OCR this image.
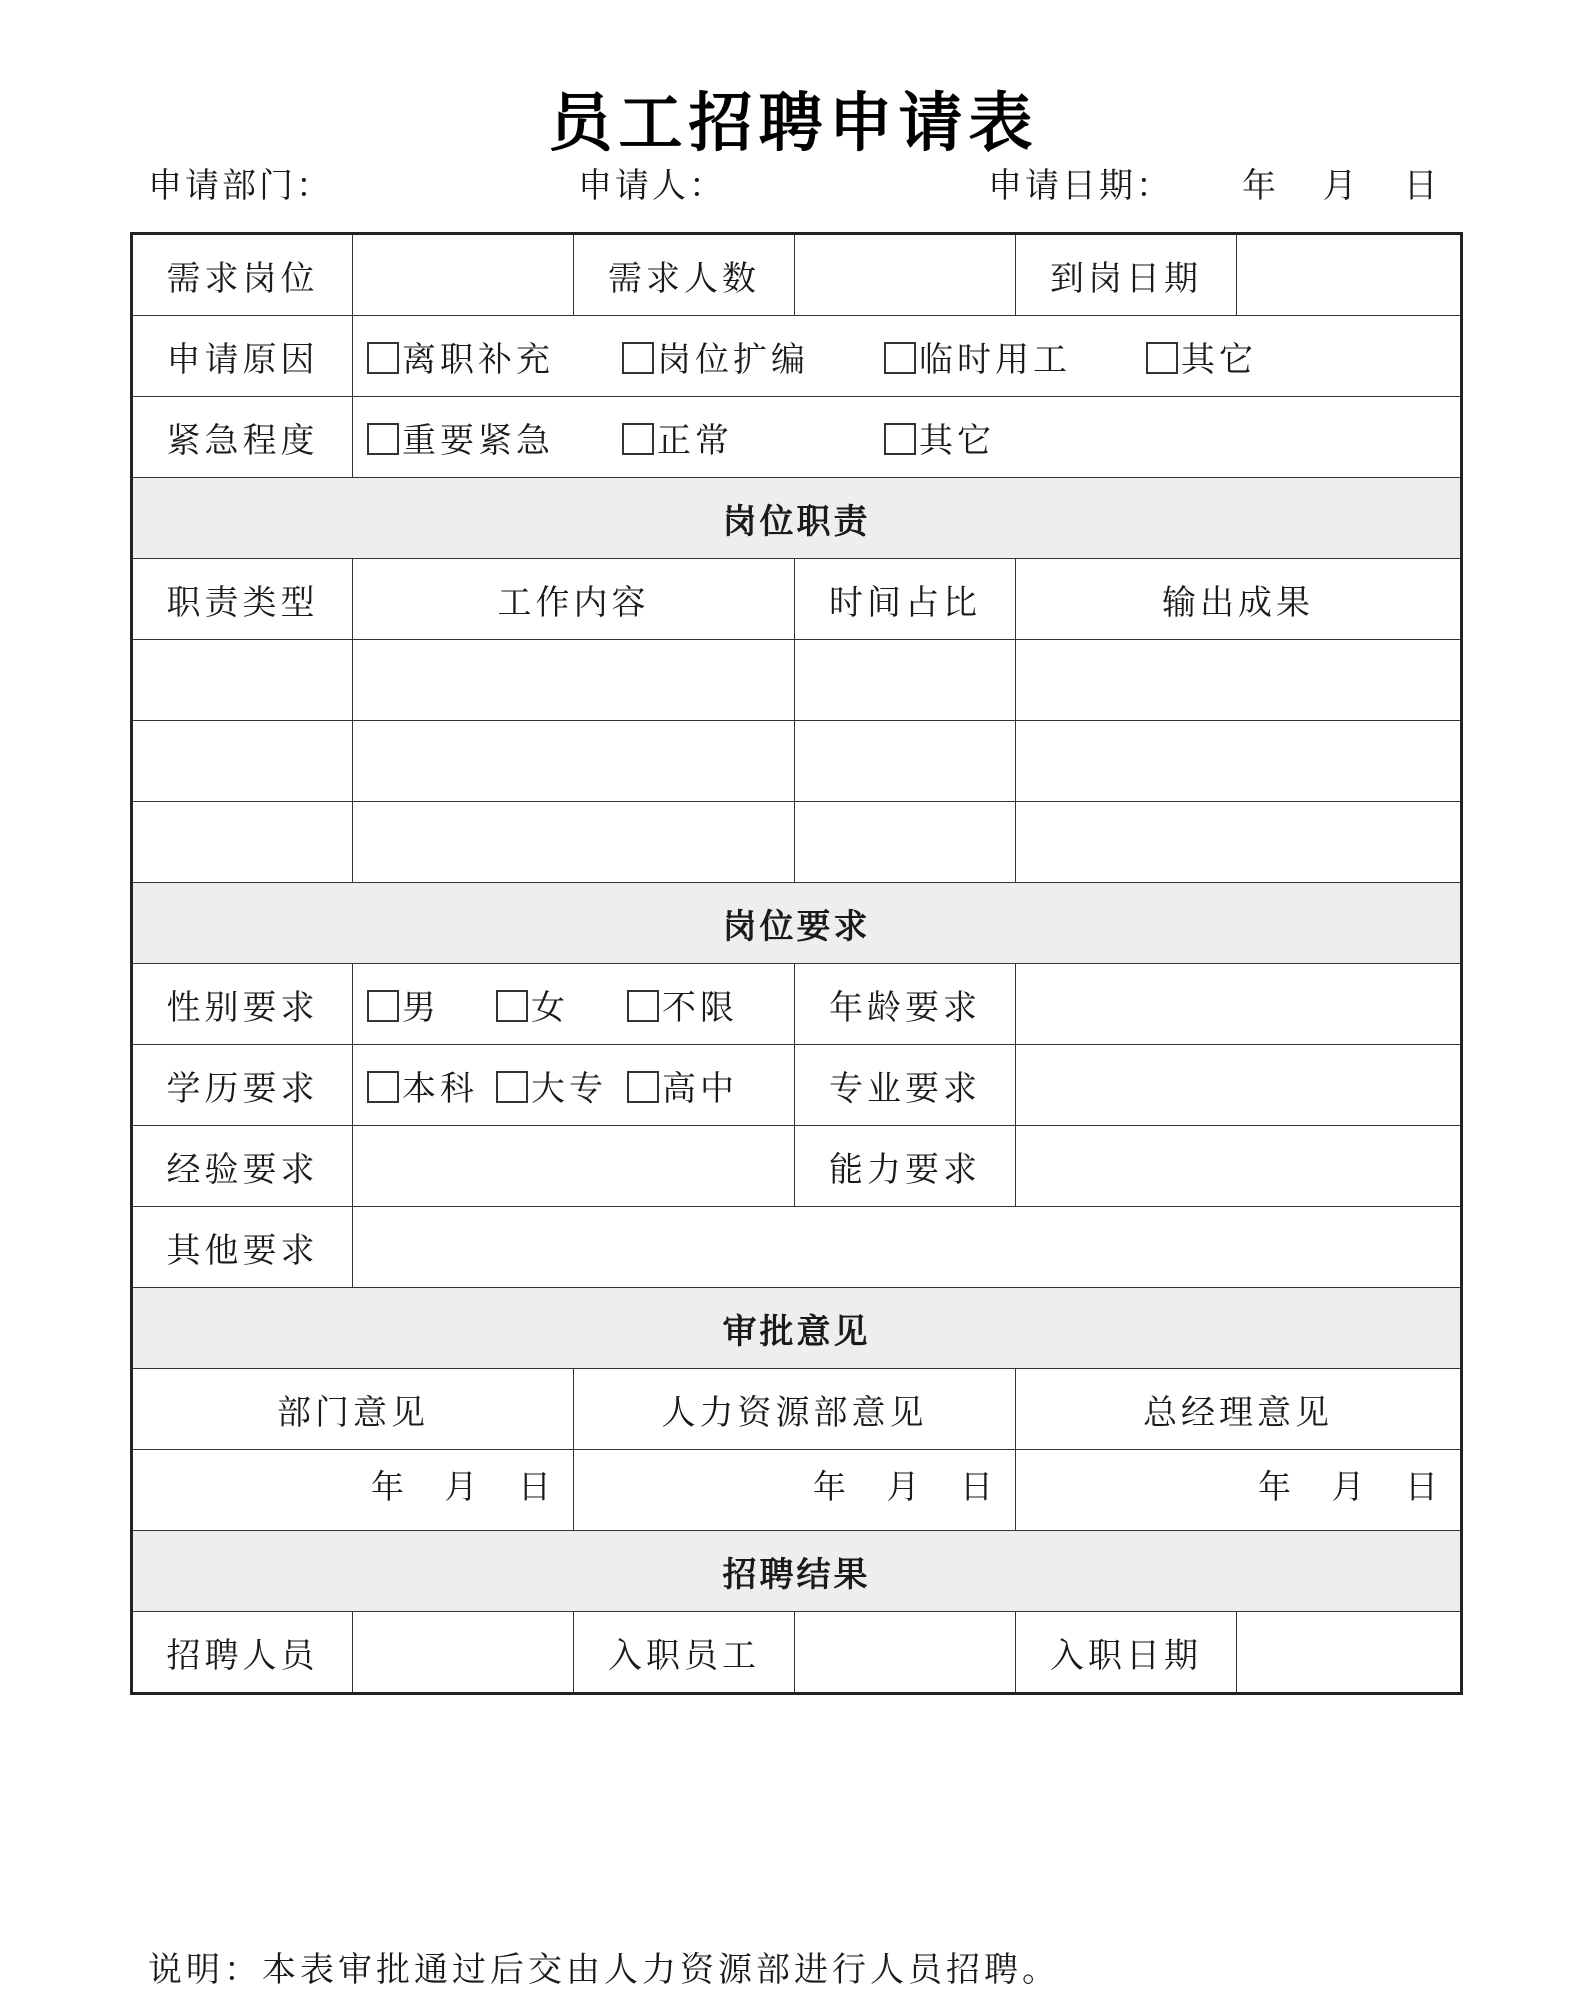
员工招聘申请表
申请部门：	申请人：	申请日期： 年 月 日
需求岗位		需求人数		到岗日期	
申请原因	离职补充 岗位扩编 临时用工 其它				
紧急程度	重要紧急 正常 其它				
岗位职责					
职责类型	工作内容		时间占比	输出成果	

岗位要求					
性别要求	男 女 不限		年龄要求		
学历要求	本科 大专 高中		专业要求		
经验要求			能力要求		
其他要求					
审批意见					
部门意见		人力资源部意见		总经理意见	

年 月 日		年 月 日		年 月 日	

招聘结果					
招聘人员		入职员工		入职日期	
说明：本表审批通过后交由人力资源部进行人员招聘。
